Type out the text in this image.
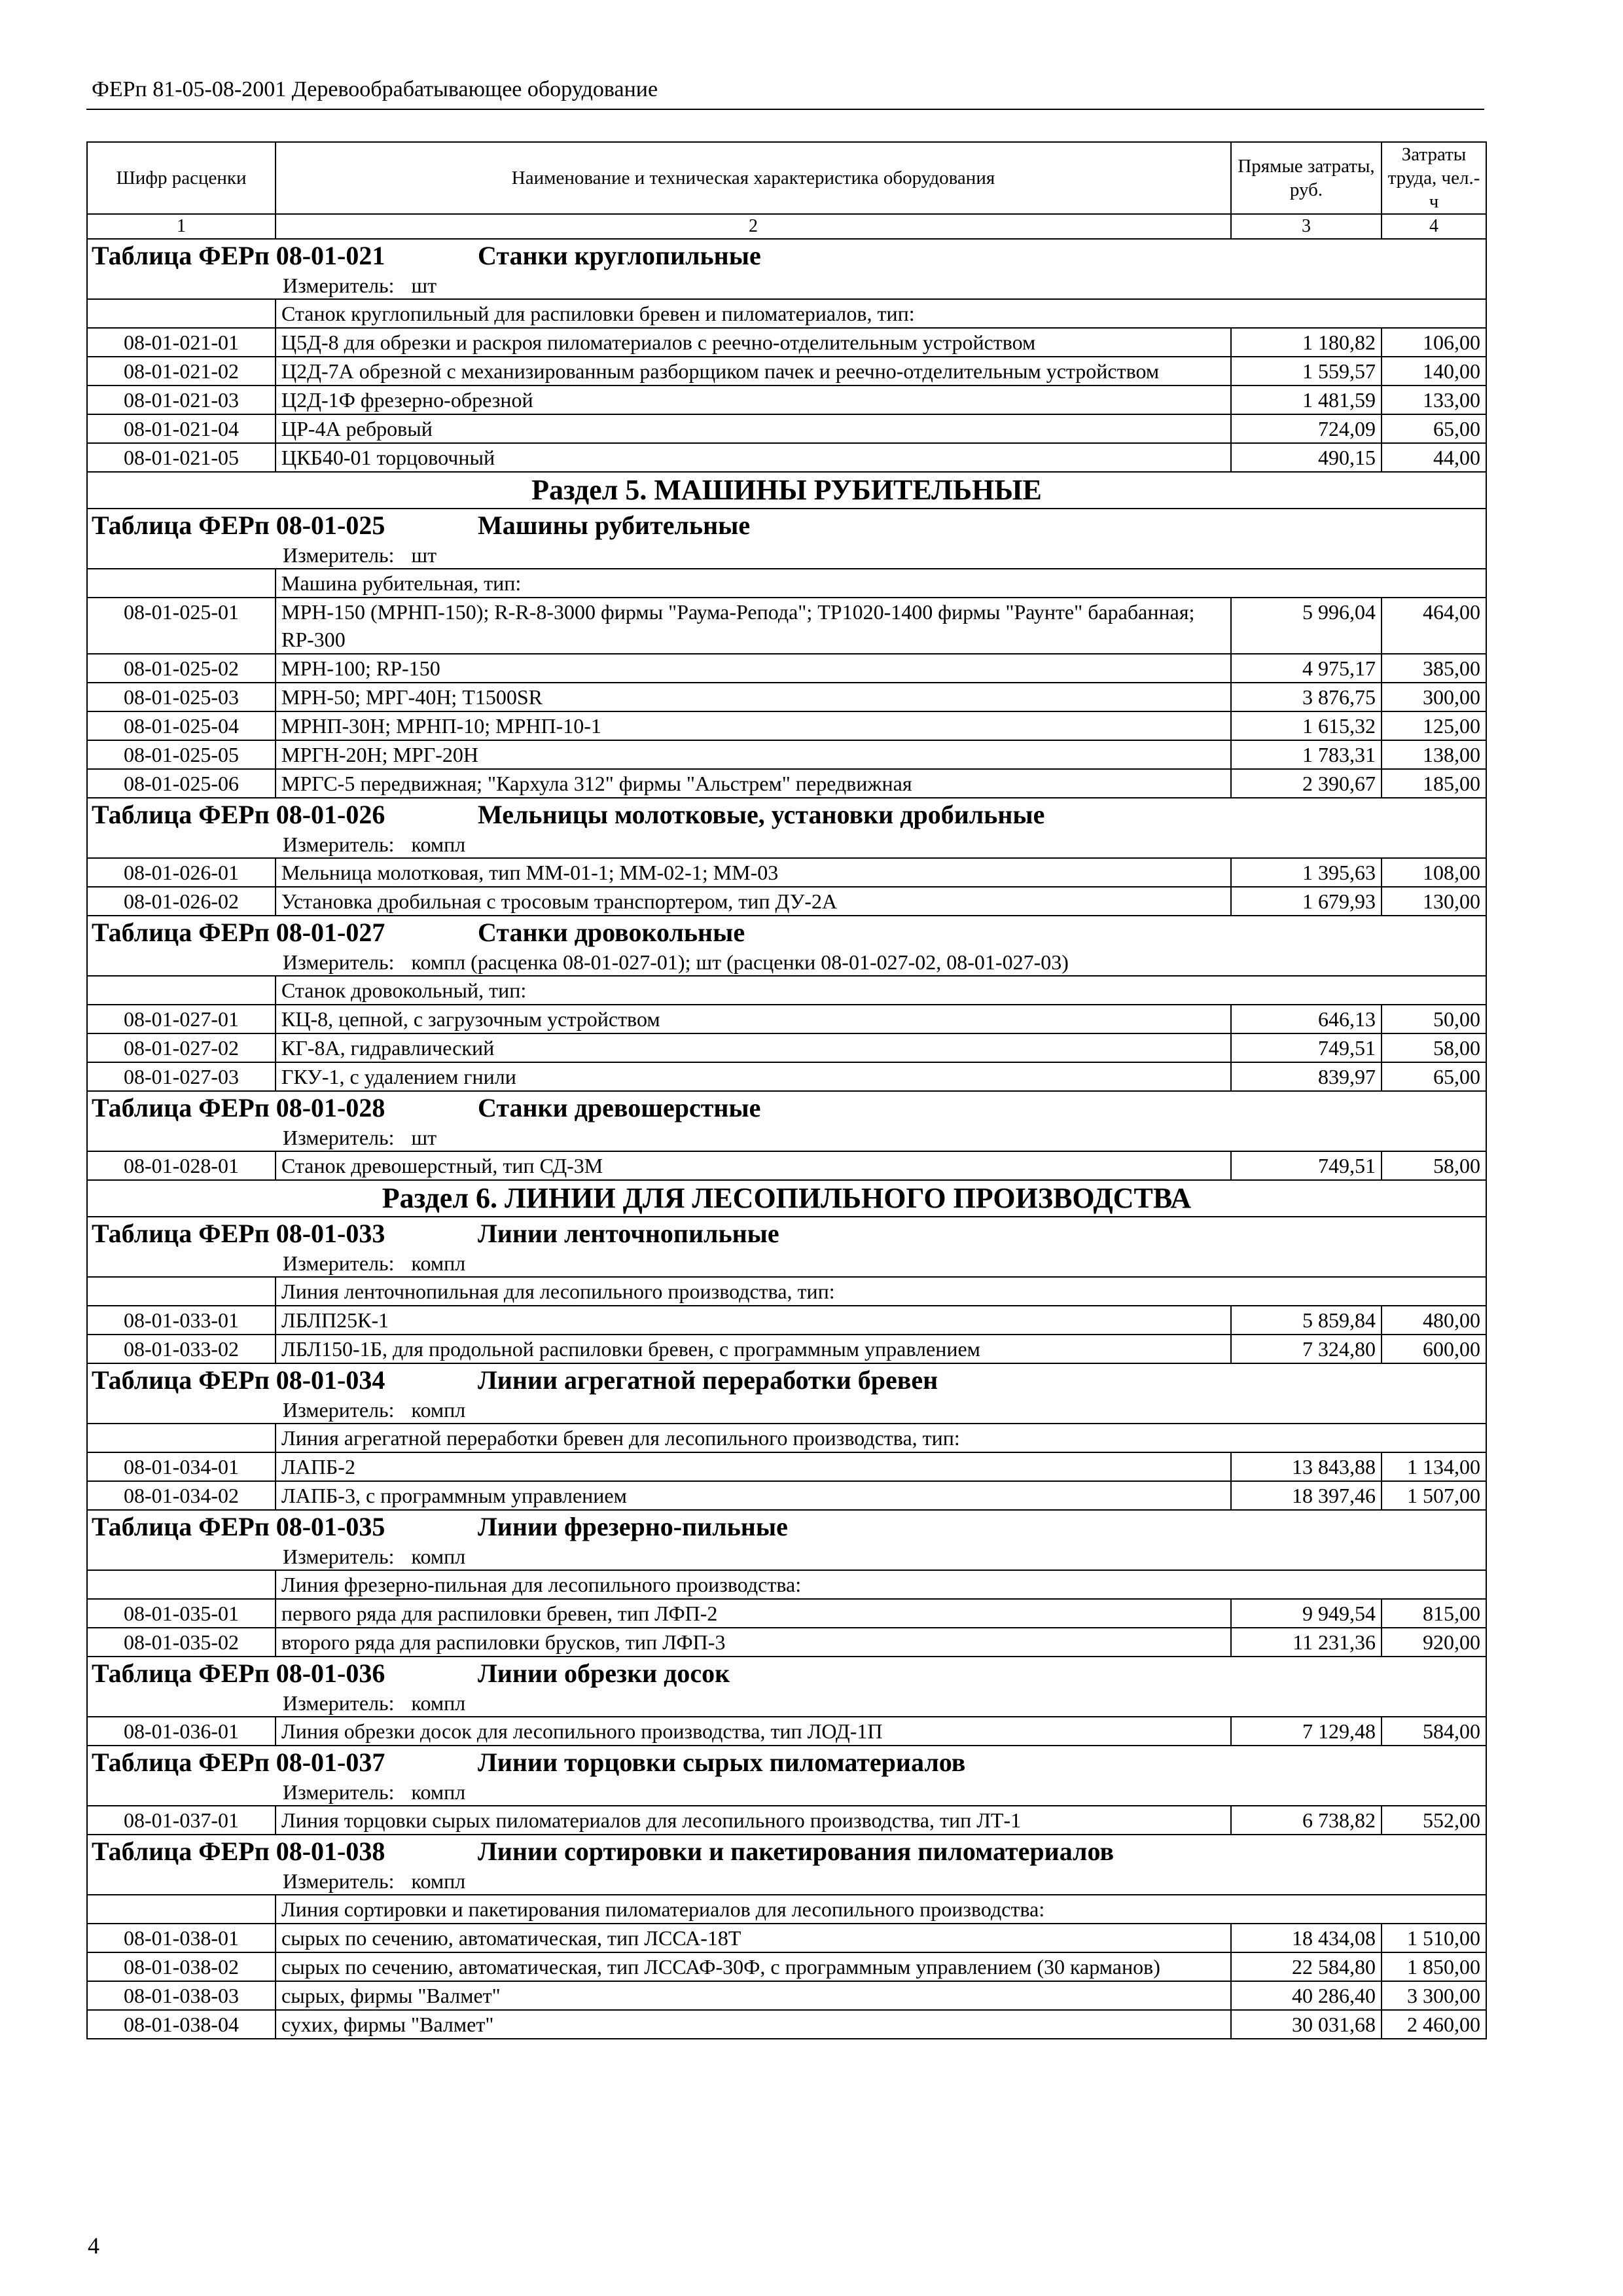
ФЕРп 81-05-08-2001 Деревообрабатывающее оборудование
Шифр расценки	Наименование и техническая характеристика оборудования	Прямые затраты, руб.	Затраты труда, чел.-ч
1	2	3	4
Таблица ФЕРп 08-01-021 Станки круглопильные			
Измеритель: шт			
	Станок круглопильный для распиловки бревен и пиломатериалов, тип:		
08-01-021-01	Ц5Д-8 для обрезки и раскроя пиломатериалов с реечно-отделительным устройством	1 180,82	106,00
08-01-021-02	Ц2Д-7А обрезной с механизированным разборщиком пачек и реечно-отделительным устройством	1 559,57	140,00
08-01-021-03	Ц2Д-1Ф фрезерно-обрезной	1 481,59	133,00
08-01-021-04	ЦР-4А ребровый	724,09	65,00
08-01-021-05	ЦКБ40-01 торцовочный	490,15	44,00
Раздел 5. МАШИНЫ РУБИТЕЛЬНЫЕ			
Таблица ФЕРп 08-01-025 Машины рубительные			
Измеритель: шт			
	Машина рубительная, тип:		
08-01-025-01	МРН-150 (МРНП-150); R-R-8-3000 фирмы "Раума-Реподa"; ТР1020-1400 фирмы "Раунте" барабанная; RP-300	5 996,04	464,00
08-01-025-02	МРН-100; RP-150	4 975,17	385,00
08-01-025-03	МРН-50; МРГ-40Н; Т1500SR	3 876,75	300,00
08-01-025-04	МРНП-30Н; МРНП-10; МРНП-10-1	1 615,32	125,00
08-01-025-05	МРГН-20Н; МРГ-20Н	1 783,31	138,00
08-01-025-06	МРГС-5 передвижная; "Кархула 312" фирмы "Альстрем" передвижная	2 390,67	185,00
Таблица ФЕРп 08-01-026 Мельницы молотковые, установки дробильные			
Измеритель: компл			
08-01-026-01	Мельница молотковая, тип ММ-01-1; ММ-02-1; ММ-03	1 395,63	108,00
08-01-026-02	Установка дробильная с тросовым транспортером, тип ДУ-2А	1 679,93	130,00
Таблица ФЕРп 08-01-027 Станки дровокольные			
Измеритель: компл (расценка 08-01-027-01); шт (расценки 08-01-027-02, 08-01-027-03)			
	Станок дровокольный, тип:		
08-01-027-01	КЦ-8, цепной, с загрузочным устройством	646,13	50,00
08-01-027-02	КГ-8А, гидравлический	749,51	58,00
08-01-027-03	ГКУ-1, с удалением гнили	839,97	65,00
Таблица ФЕРп 08-01-028 Станки древошерстные			
Измеритель: шт			
08-01-028-01	Станок древошерстный, тип СД-3М	749,51	58,00
Раздел 6. ЛИНИИ ДЛЯ ЛЕСОПИЛЬНОГО ПРОИЗВОДСТВА			
Таблица ФЕРп 08-01-033 Линии ленточнопильные			
Измеритель: компл			
	Линия ленточнопильная для лесопильного производства, тип:		
08-01-033-01	ЛБЛП25К-1	5 859,84	480,00
08-01-033-02	ЛБЛ150-1Б, для продольной распиловки бревен, с программным управлением	7 324,80	600,00
Таблица ФЕРп 08-01-034 Линии агрегатной переработки бревен			
Измеритель: компл			
	Линия агрегатной переработки бревен для лесопильного производства, тип:		
08-01-034-01	ЛАПБ-2	13 843,88	1 134,00
08-01-034-02	ЛАПБ-3, с программным управлением	18 397,46	1 507,00
Таблица ФЕРп 08-01-035 Линии фрезерно-пильные			
Измеритель: компл			
	Линия фрезерно-пильная для лесопильного производства:		
08-01-035-01	первого ряда для распиловки бревен, тип ЛФП-2	9 949,54	815,00
08-01-035-02	второго ряда для распиловки брусков, тип ЛФП-3	11 231,36	920,00
Таблица ФЕРп 08-01-036 Линии обрезки досок			
Измеритель: компл			
08-01-036-01	Линия обрезки досок для лесопильного производства, тип ЛОД-1П	7 129,48	584,00
Таблица ФЕРп 08-01-037 Линии торцовки сырых пиломатериалов			
Измеритель: компл			
08-01-037-01	Линия торцовки сырых пиломатериалов для лесопильного производства, тип ЛТ-1	6 738,82	552,00
Таблица ФЕРп 08-01-038 Линии сортировки и пакетирования пиломатериалов			
Измеритель: компл			
	Линия сортировки и пакетирования пиломатериалов для лесопильного производства:		
08-01-038-01	сырых по сечению, автоматическая, тип ЛССА-18Т	18 434,08	1 510,00
08-01-038-02	сырых по сечению, автоматическая, тип ЛССАФ-30Ф, с программным управлением (30 карманов)	22 584,80	1 850,00
08-01-038-03	сырых, фирмы "Валмет"	40 286,40	3 300,00
08-01-038-04	сухих, фирмы "Валмет"	30 031,68	2 460,00
4
